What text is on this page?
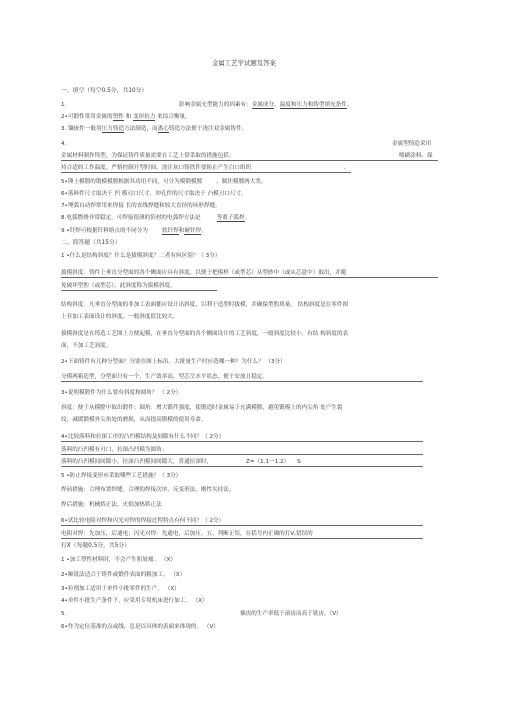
金属工艺学试题及答案
一、填空（每空0.5分，共10分）
1.	影响金属充型能力的因素有：金属成分、温度和压力和铸型填充条件。
2•可锻性常用金属的塑性 和 变形抗力 来综合衡量。
3. 镶嵌件一般用压力铸造方法制造，而离心铸造方法便于浇注双金属铸件。
4.	金属型铸造采用
金属材料制作铸型，为保证铸件质量需要在工艺上常采取的措施包括：	喷刷涂料、保
持合适的工作温度、严格控制开型时间、浇注灰口铸铁件要防止产生白口组织	。
5•锤上模锻的锻模模膛根据其功用不同，可分为模锻模膛	、制坯模膛两大类。
6•落料件尺寸取决于 凹 模刃口尺寸，冲孔件的尺寸取决于 凸模刃口尺寸。
7•埋弧自动焊常用来焊接 长的直线焊缝和较大直径的环形焊缝。
8.电弧燃烧非常稳定，可焊接很薄的箔材的电弧焊方法是	等离子弧焊。
9 •钎焊可根据钎料熔点的不同分为	软钎焊和硬钎焊。
二、简答题（共15分）
1 •什么是结构斜度？什么是拔模斜度？二者有何区别？（ 3分）
拔模斜度：铸件上垂直分型面的各个侧面应具有斜度，以便于把模样（或型芯）从型砂中（或从芯盒中）取出，并避
免破坏型腔（或型芯）。此斜度称为拔模斜度。
结构斜度：凡垂直分型面的非加工表面都应设计出斜度，以利于造型时拔模，并确保型腔质量。 结构斜度是在零件图
上非加工表面设计的斜度，一般斜度值比较大。
拔模斜度是在铸造工艺图上方便起模，在垂直分型面的各个侧面设计的工艺斜度，一般斜度比较小。有结 构斜度的表
面，不加工艺斜度。
2•下面铸件有几种分型面？分别在图上标出。大批量生产时应选哪一种？为什么？ （3分）
分模两箱造型，分型面只有一个，生产效率高，型芯呈水平状态，便于安放且稳定。
3•说明模锻件为什么要有斜度和圆角？ （ 2分）
斜度：便于从模膛中取出锻件；圆角：增大锻件强度，使锻造时金属易于充满模膛，避免锻模上的内尖角 处产生裂
纹，减缓锻模外尖角处的磨损，从而提高锻模的使用寿命。
4•比较落料和拉深工序的凸凹模结构及间隙有什么不同？（ 2分）
落料的凸凹模有刃口，拉深凸凹模为圆角；
落料的凸凹模间间隙小，拉深凸凹模间间隙大，普通拉深时，	Z=（1.1一1.2） S
5 •防止焊接变形应采取哪些工艺措施？（ 3分）
焊前措施：合理布置焊缝，合理的焊接次序，反变形法，刚性夹持法。
焊后措施：机械矫正法，火焰加热矫正法
6•试比较电阻对焊和闪光对焊的焊接过程特点有何不同？（ 2分）
电阻对焊：先加压，后通电；闪光对焊：先通电，后加压。五、判断正误，在括号内正确的打V,错误的
打X（每题0.5分，共5分）
1 •加工塑性材料时，不会产生积屑瘤。 （X）
2•顺铣法适合于铸件或锻件表面的粗加工。 （X）
3•拉削加工适用于单件小批零件的生产。 （X）
4•单件小批生产条件下，应采用专用机床进行加工。 （X）
5.	插齿的生产率低于滚齿而高于铣齿。（V）
6•作为定位基准的点或线，总是以具体的表面来体现的。 （V）
